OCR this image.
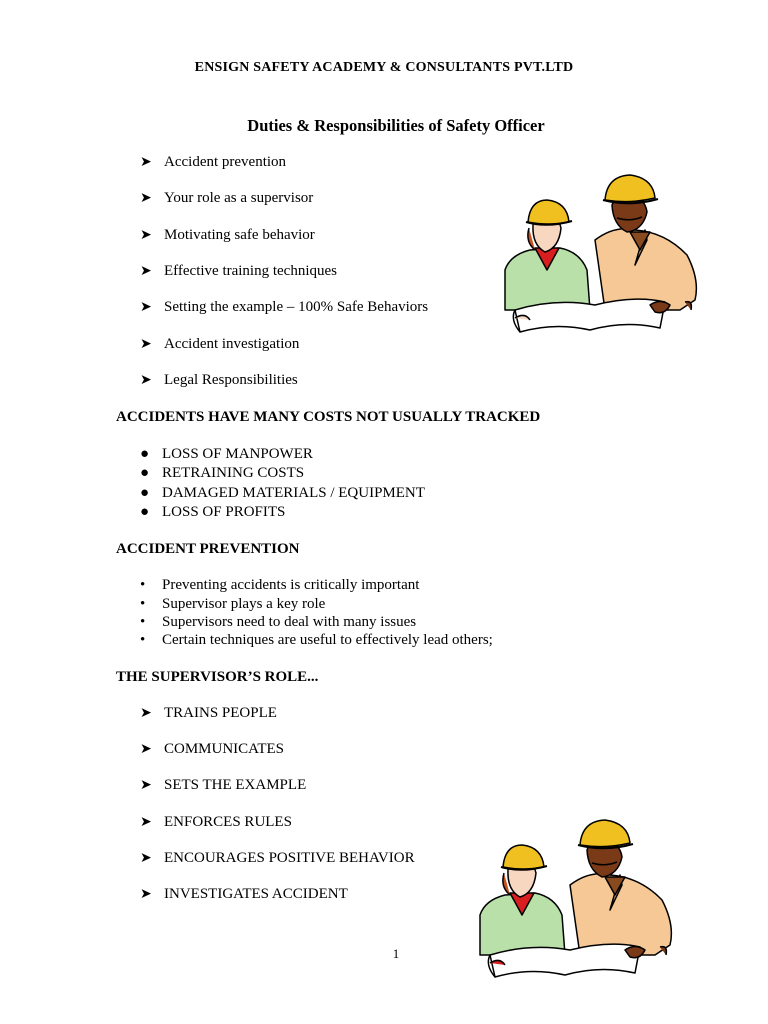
ENSIGN SAFETY ACADEMY & CONSULTANTS PVT.LTD
Duties & Responsibilities of Safety Officer
➤ Accident prevention
➤ Your role as a supervisor
➤ Motivating safe behavior
➤ Effective training techniques
➤ Setting the example – 100% Safe Behaviors
➤ Accident investigation
➤ Legal Responsibilities
ACCIDENTS HAVE MANY COSTS NOT USUALLY TRACKED
● LOSS OF MANPOWER
● RETRAINING COSTS
● DAMAGED MATERIALS / EQUIPMENT
● LOSS OF PROFITS
ACCIDENT PREVENTION
• Preventing accidents is critically important
• Supervisor plays a key role
• Supervisors need to deal with many issues
• Certain techniques are useful to effectively lead others;
THE SUPERVISOR’S ROLE...
➤ TRAINS PEOPLE
➤ COMMUNICATES
➤ SETS THE EXAMPLE
➤ ENFORCES RULES
➤ ENCOURAGES POSITIVE BEHAVIOR
➤ INVESTIGATES ACCIDENT
1
